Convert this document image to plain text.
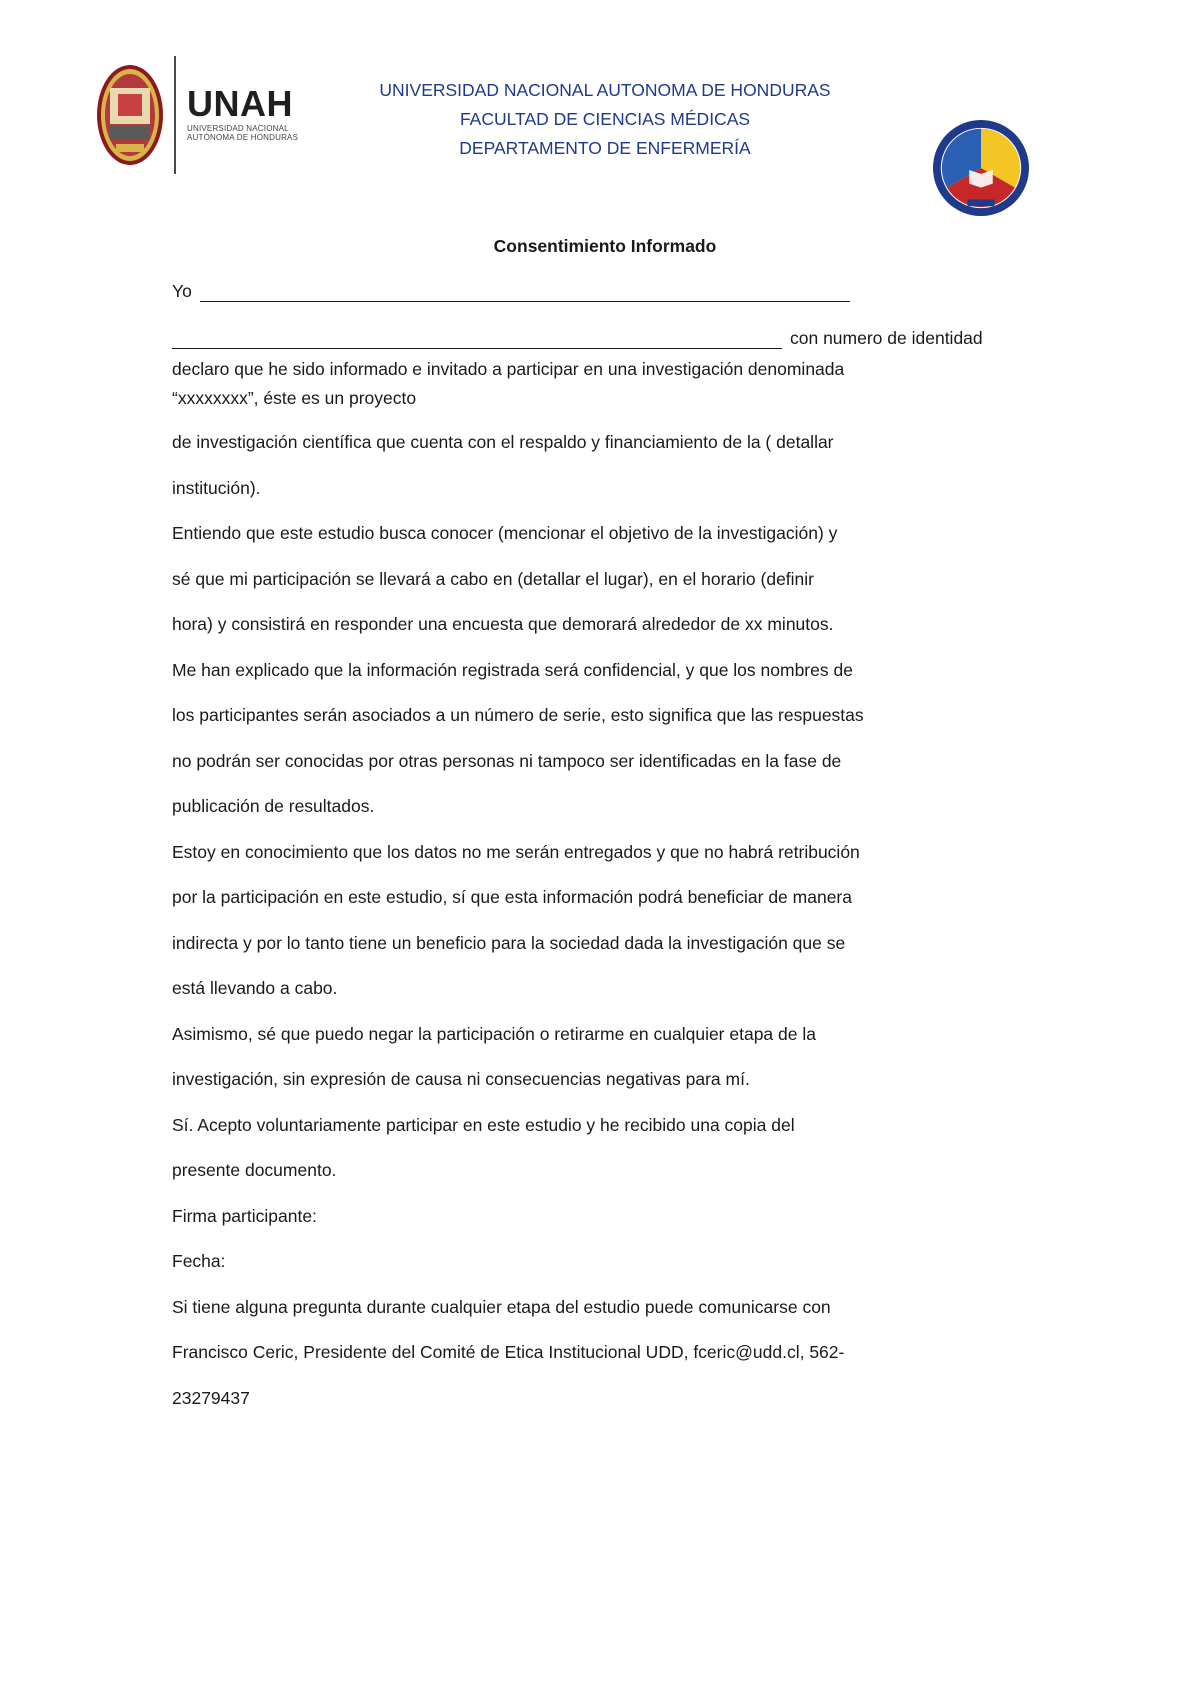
UNAH
UNIVERSIDAD NACIONAL
AUTÓNOMA DE HONDURAS
UNIVERSIDAD NACIONAL AUTONOMA DE HONDURAS
FACULTAD DE CIENCIAS MÉDICAS
DEPARTAMENTO DE ENFERMERÍA
Consentimiento Informado
Yo
con numero de identidad
declaro que he sido informado e invitado a participar en una investigación denominada
“xxxxxxxx”, éste es un proyecto
de investigación científica que cuenta con el respaldo y financiamiento de la ( detallar
institución).
Entiendo que este estudio busca conocer (mencionar el objetivo de la investigación) y
sé que mi participación se llevará a cabo en (detallar el lugar), en el horario (definir
hora) y consistirá en responder una encuesta que demorará alrededor de xx minutos.
Me han explicado que la información registrada será confidencial, y que los nombres de
los participantes serán asociados a un número de serie, esto significa que las respuestas
no podrán ser conocidas por otras personas ni tampoco ser identificadas en la fase de
publicación de resultados.
Estoy en conocimiento que los datos no me serán entregados y que no habrá retribución
por la participación en este estudio, sí que esta información podrá beneficiar de manera
indirecta y por lo tanto tiene un beneficio para la sociedad dada la investigación que se
está llevando a cabo.
Asimismo, sé que puedo negar la participación o retirarme en cualquier etapa de la
investigación, sin expresión de causa ni consecuencias negativas para mí.
Sí. Acepto voluntariamente participar en este estudio y he recibido una copia del
presente documento.
Firma participante:
Fecha:
Si tiene alguna pregunta durante cualquier etapa del estudio puede comunicarse con
Francisco Ceric, Presidente del Comité de Etica Institucional UDD, fceric@udd.cl, 562-
23279437
